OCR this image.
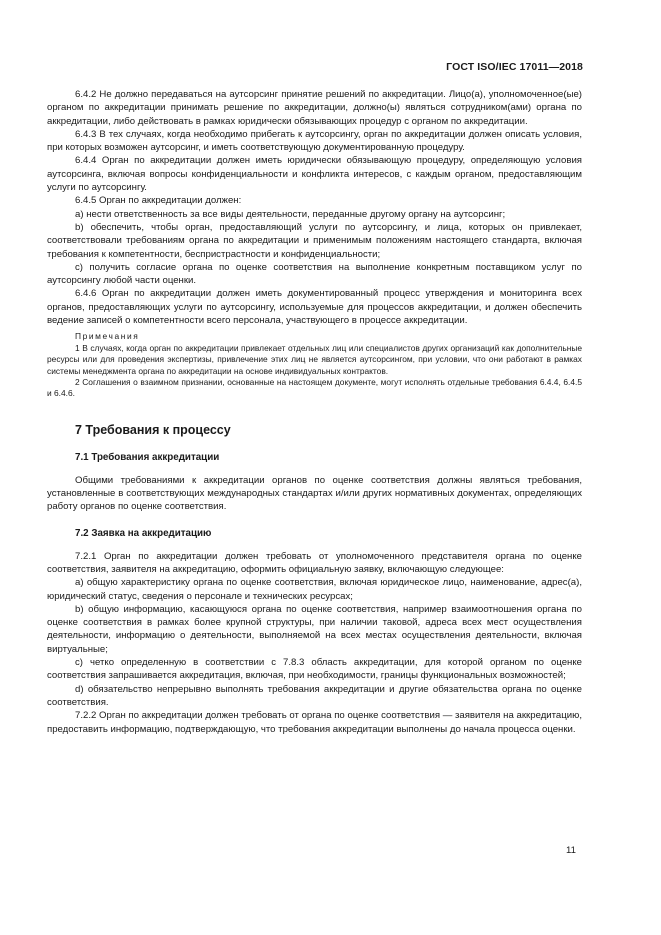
ГОСТ ISO/IEC 17011—2018

6.4.2 Не должно передаваться на аутсорсинг принятие решений по аккредитации. Лицо(а), уполномоченное(ые) органом по аккредитации принимать решение по аккредитации, должно(ы) являться сотрудником(ами) органа по аккредитации, либо действовать в рамках юридически обязывающих процедур с органом по аккредитации.

6.4.3 В тех случаях, когда необходимо прибегать к аутсорсингу, орган по аккредитации должен описать условия, при которых возможен аутсорсинг, и иметь соответствующую документированную процедуру.

6.4.4 Орган по аккредитации должен иметь юридически обязывающую процедуру, определяющую условия аутсорсинга, включая вопросы конфиденциальности и конфликта интересов, с каждым органом, предоставляющим услуги по аутсорсингу.

6.4.5 Орган по аккредитации должен:

a) нести ответственность за все виды деятельности, переданные другому органу на аутсорсинг;

b) обеспечить, чтобы орган, предоставляющий услуги по аутсорсингу, и лица, которых он привлекает, соответствовали требованиям органа по аккредитации и применимым положениям настоящего стандарта, включая требования к компетентности, беспристрастности и конфиденциальности;

c) получить согласие органа по оценке соответствия на выполнение конкретным поставщиком услуг по аутсорсингу любой части оценки.

6.4.6 Орган по аккредитации должен иметь документированный процесс утверждения и мониторинга всех органов, предоставляющих услуги по аутсорсингу, используемые для процессов аккредитации, и должен обеспечить ведение записей о компетентности всего персонала, участвующего в процессе аккредитации.

Примечания

1 В случаях, когда орган по аккредитации привлекает отдельных лиц или специалистов других организаций как дополнительные ресурсы или для проведения экспертизы, привлечение этих лиц не является аутсорсингом, при условии, что они работают в рамках системы менеджмента органа по аккредитации на основе индивидуальных контрактов.

2 Соглашения о взаимном признании, основанные на настоящем документе, могут исполнять отдельные требования 6.4.4, 6.4.5 и 6.4.6.

7 Требования к процессу
7.1 Требования аккредитации

Общими требованиями к аккредитации органов по оценке соответствия должны являться требования, установленные в соответствующих международных стандартах и/или других нормативных документах, определяющих работу органов по оценке соответствия.

7.2 Заявка на аккредитацию

7.2.1 Орган по аккредитации должен требовать от уполномоченного представителя органа по оценке соответствия, заявителя на аккредитацию, оформить официальную заявку, включающую следующее:

a) общую характеристику органа по оценке соответствия, включая юридическое лицо, наименование, адрес(а), юридический статус, сведения о персонале и технических ресурсах;

b) общую информацию, касающуюся органа по оценке соответствия, например взаимоотношения органа по оценке соответствия в рамках более крупной структуры, при наличии таковой, адреса всех мест осуществления деятельности, информацию о деятельности, выполняемой на всех местах осуществления деятельности, включая виртуальные;

c) четко определенную в соответствии с 7.8.3 область аккредитации, для которой органом по оценке соответствия запрашивается аккредитация, включая, при необходимости, границы функциональных возможностей;

d) обязательство непрерывно выполнять требования аккредитации и другие обязательства органа по оценке соответствия.

7.2.2 Орган по аккредитации должен требовать от органа по оценке соответствия — заявителя на аккредитацию, предоставить информацию, подтверждающую, что требования аккредитации выполнены до начала процесса оценки.

11
